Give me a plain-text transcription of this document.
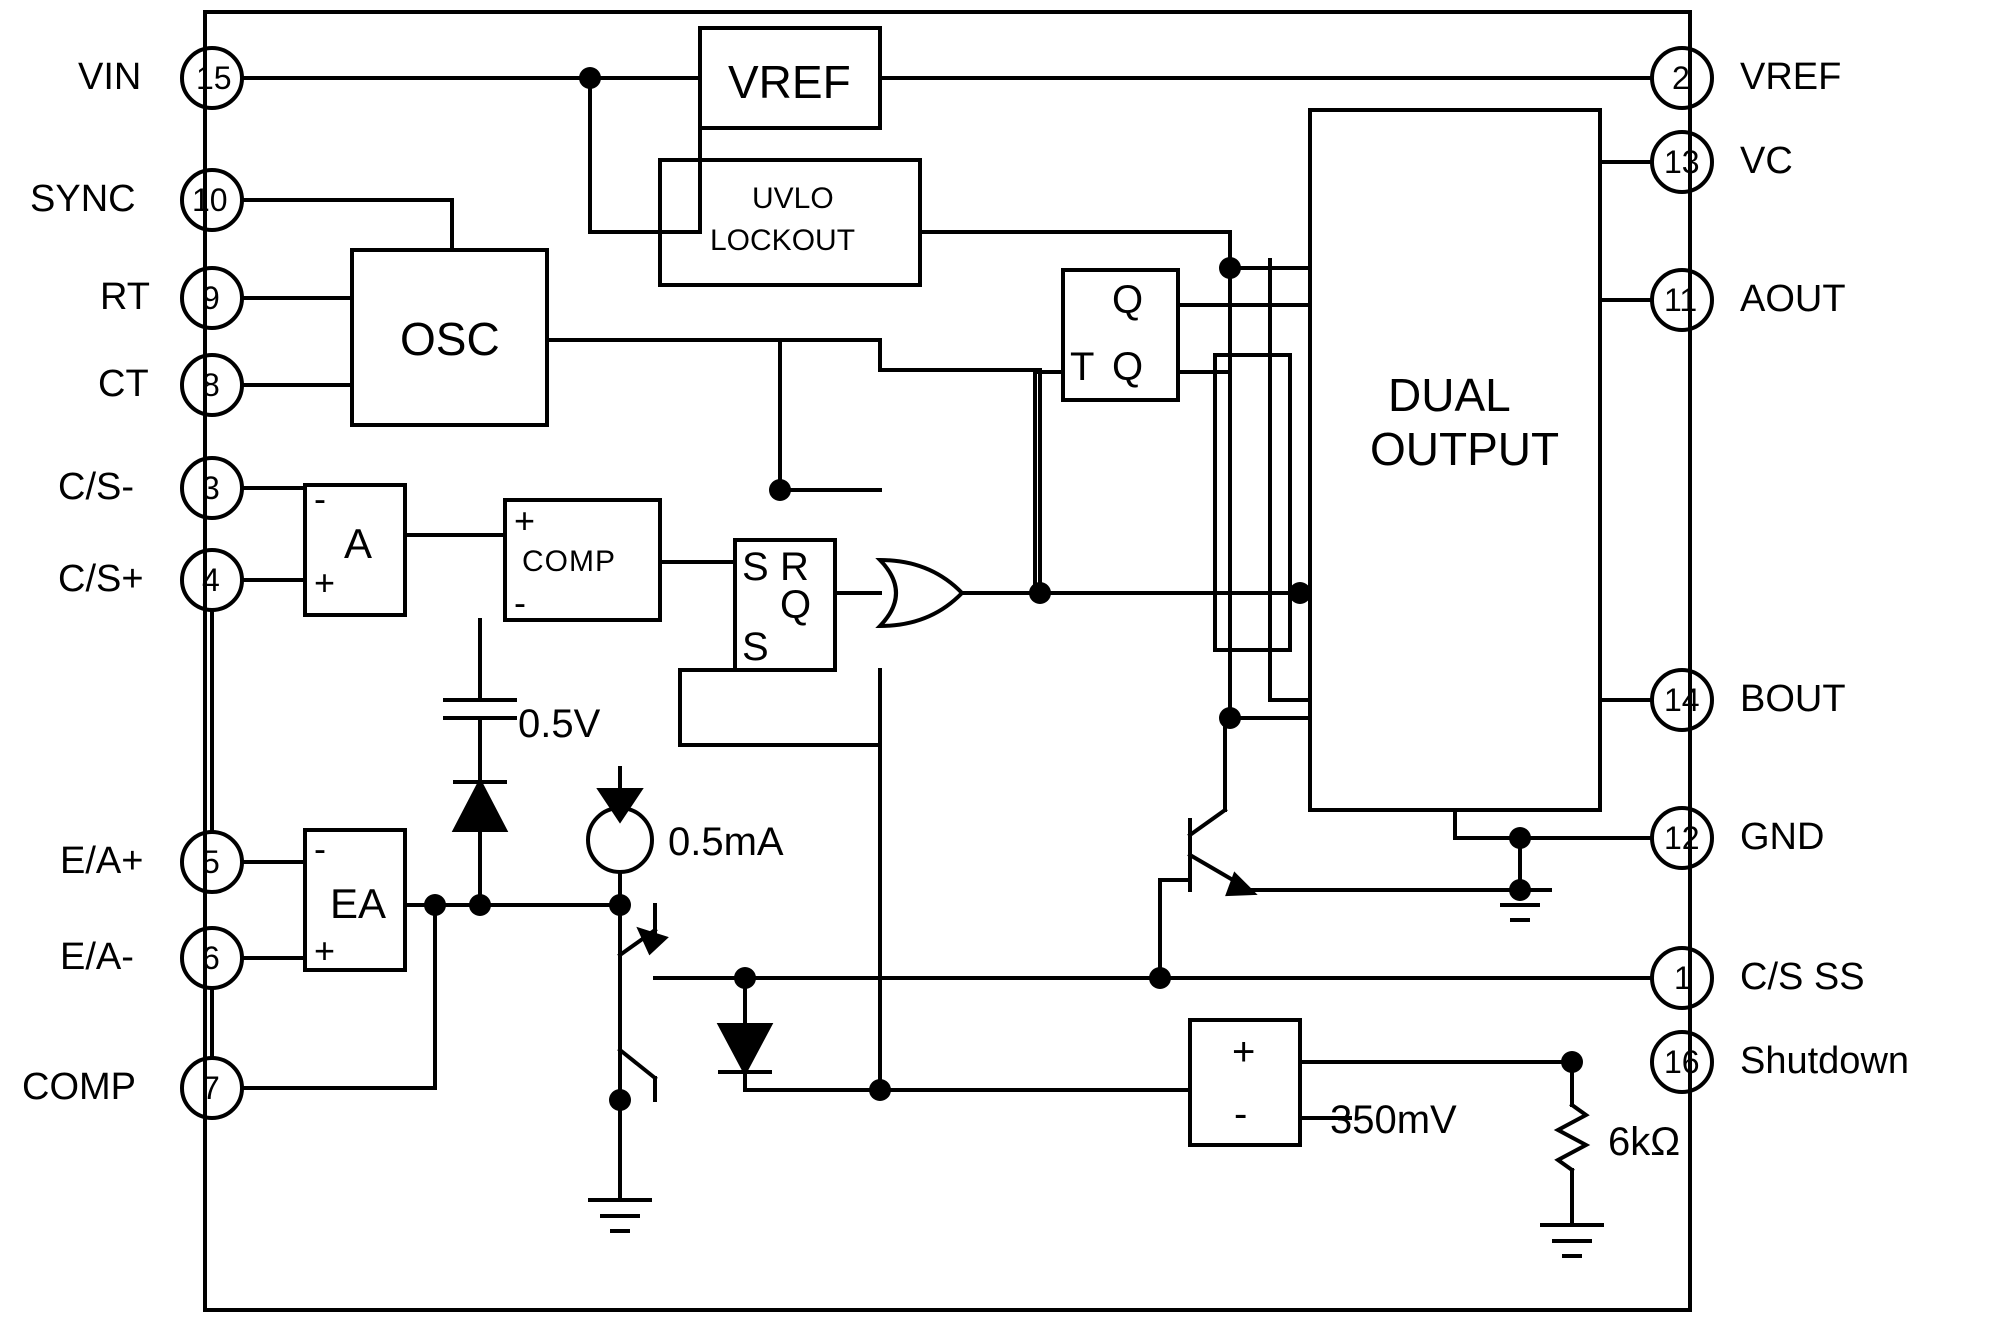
VIN 15
SYNC 10
RT 9
CT 8
C/S- 3
C/S+ 4
E/A+ 5
E/A- 6
COMP 7
2 VREF
13 VC
11 AOUT
14 BOUT
12 GND
1 C/S SS
16 Shutdown
VREF
UVLO
LOCKOUT
OSC
-
A
+
+
COMP
-
S R
Q
S
Q
T Q
DUAL
OUTPUT
-
EA
+
+
-
0.5V
0.5mA
350mV	6kΩ
